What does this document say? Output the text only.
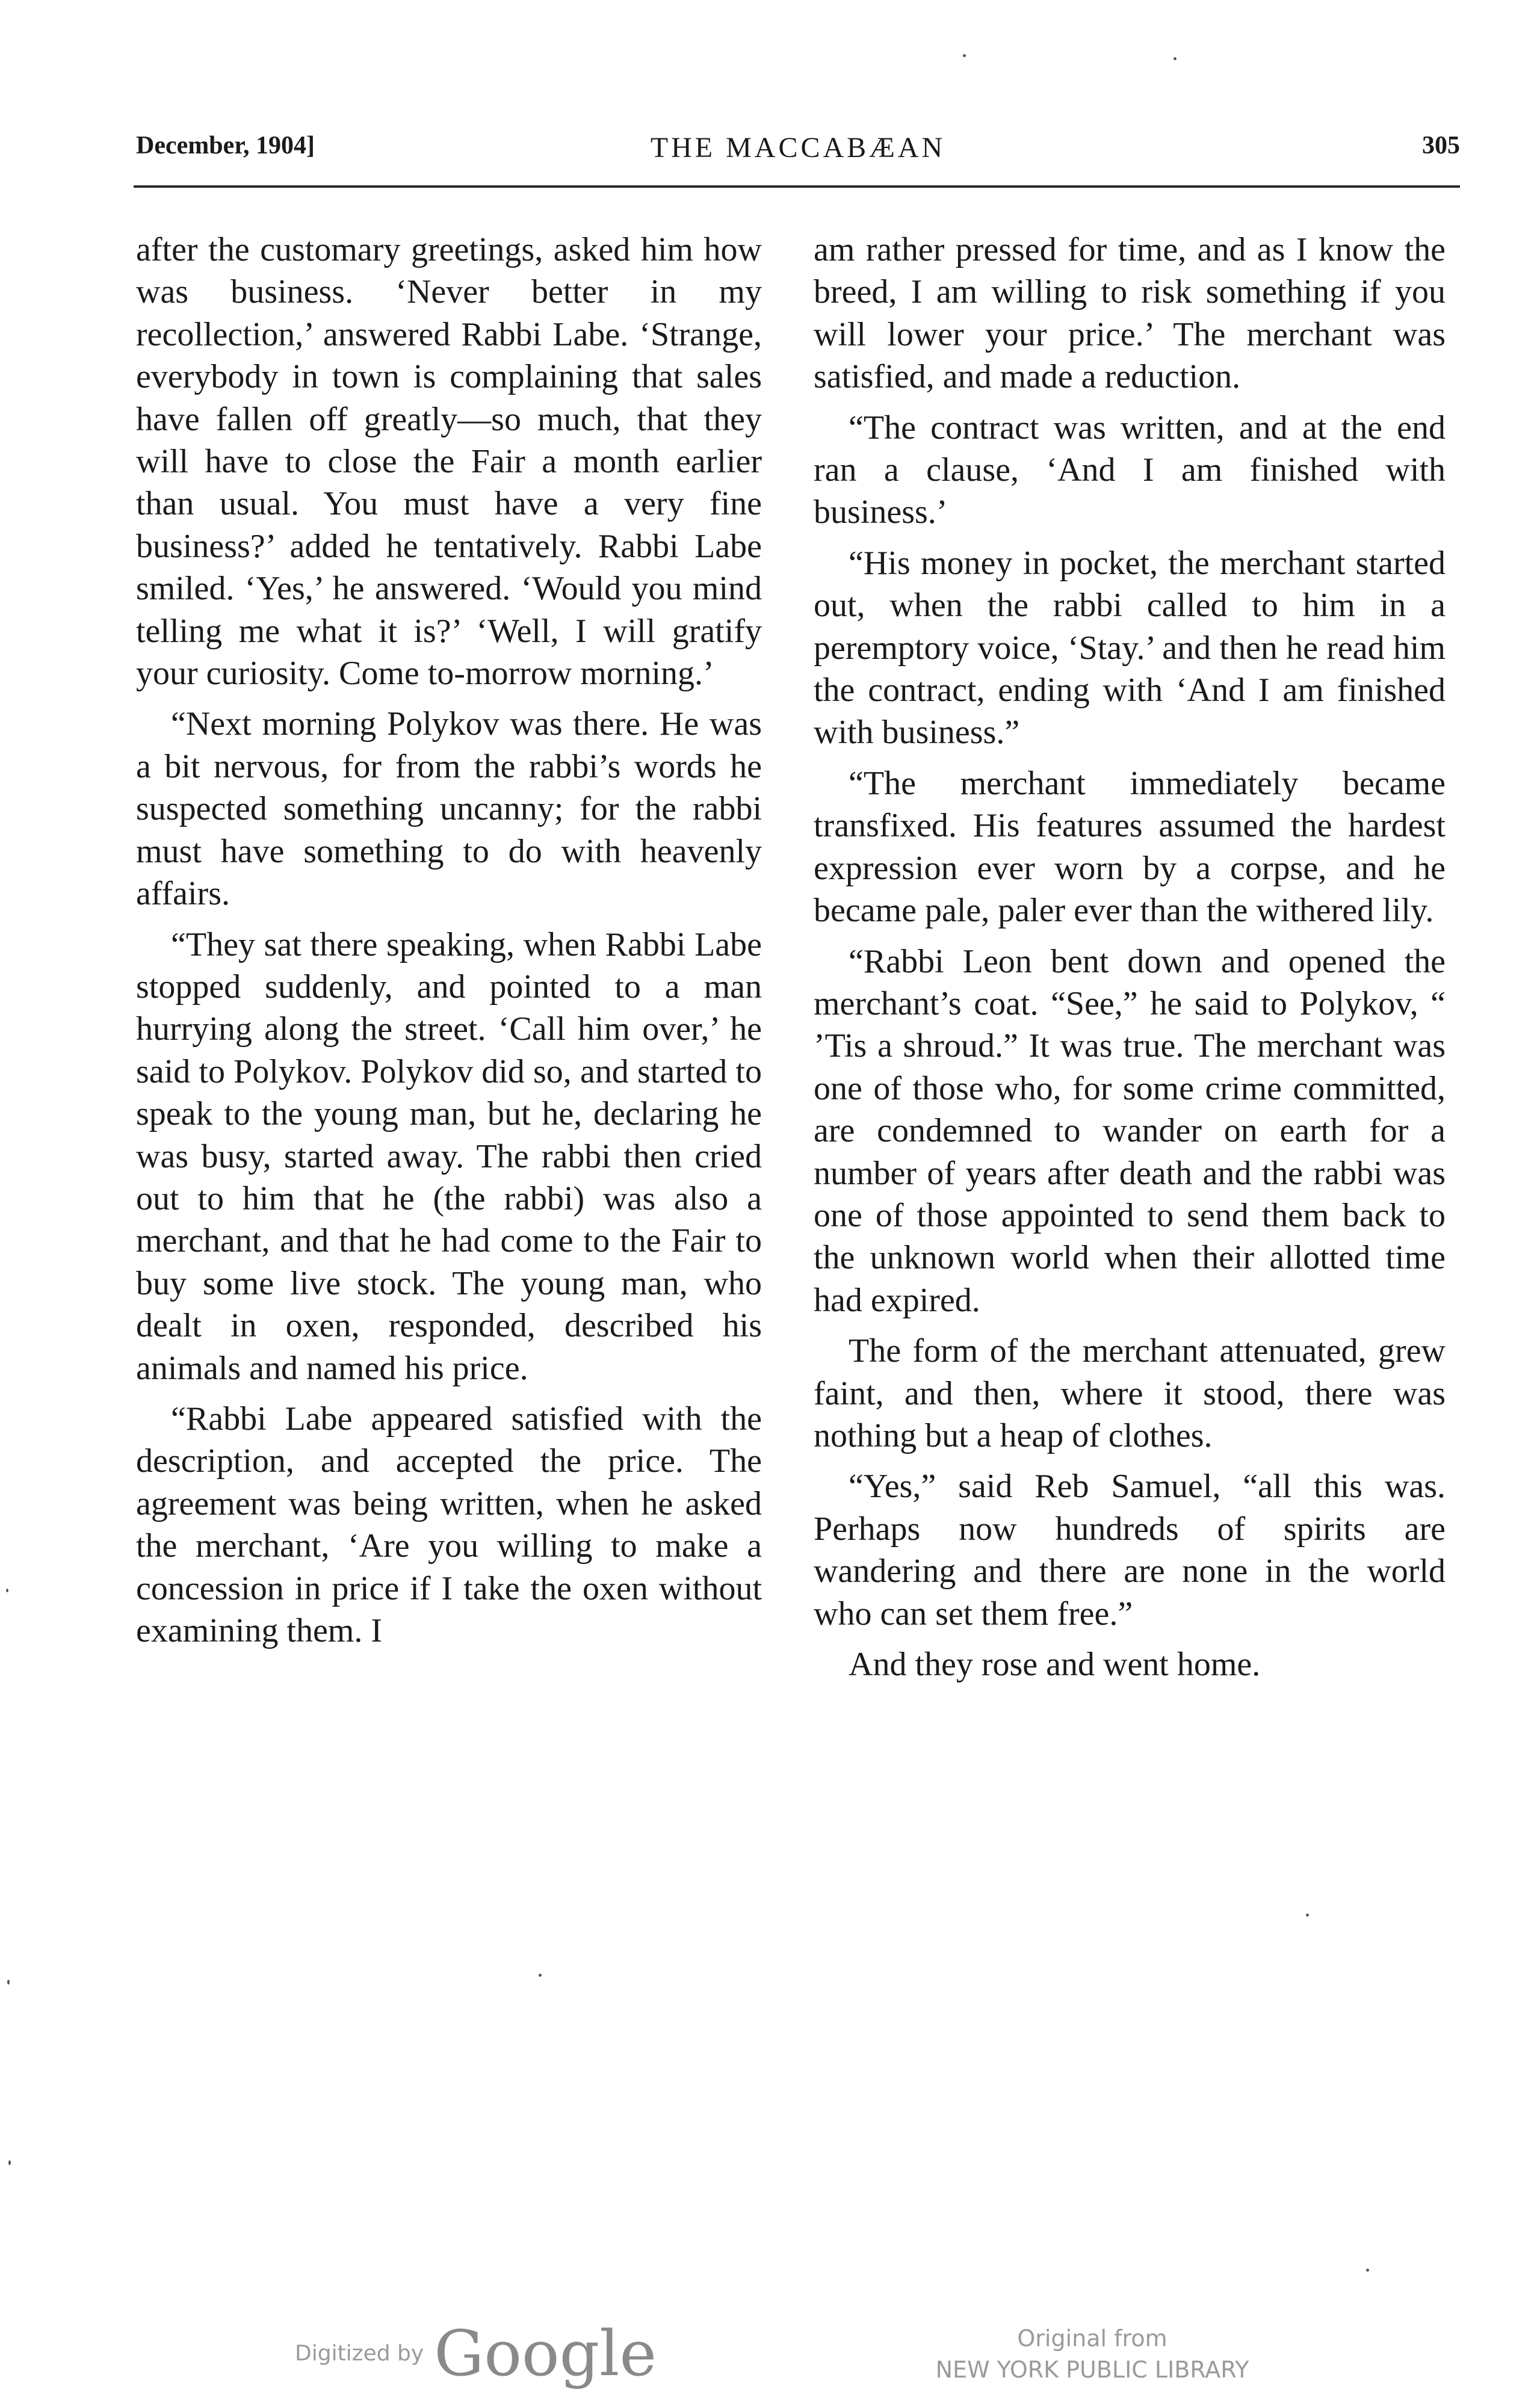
December, 1904]	THE MACCABÆAN	305

after the customary greetings, asked him how was business. ‘Never better in my recollection,’ answered Rabbi Labe. ‘Strange, everybody in town is complaining that sales have fallen off greatly—so much, that they will have to close the Fair a month earlier than usual. You must have a very fine business?’ added he tentatively. Rabbi Labe smiled. ‘Yes,’ he answered. ‘Would you mind telling me what it is?’ ‘Well, I will gratify your curiosity. Come to-morrow morning.’

“Next morning Polykov was there. He was a bit nervous, for from the rabbi’s words he suspected something uncanny; for the rabbi must have something to do with heavenly affairs.

“They sat there speaking, when Rabbi Labe stopped suddenly, and pointed to a man hurrying along the street. ‘Call him over,’ he said to Polykov. Polykov did so, and started to speak to the young man, but he, declaring he was busy, started away. The rabbi then cried out to him that he (the rabbi) was also a merchant, and that he had come to the Fair to buy some live stock. The young man, who dealt in oxen, responded, described his animals and named his price.

“Rabbi Labe appeared satisfied with the description, and accepted the price. The agreement was being written, when he asked the merchant, ‘Are you willing to make a concession in price if I take the oxen without examining them. I

am rather pressed for time, and as I know the breed, I am willing to risk something if you will lower your price.’ The merchant was satisfied, and made a reduction.

“The contract was written, and at the end ran a clause, ‘And I am finished with business.’

“His money in pocket, the merchant started out, when the rabbi called to him in a peremptory voice, ‘Stay.’ and then he read him the contract, ending with ‘And I am finished with business.”

“The merchant immediately became transfixed. His features assumed the hardest expression ever worn by a corpse, and he became pale, paler ever than the withered lily.

“Rabbi Leon bent down and opened the merchant’s coat. “See,” he said to Polykov, “ ’Tis a shroud.” It was true. The merchant was one of those who, for some crime committed, are condemned to wander on earth for a number of years after death and the rabbi was one of those appointed to send them back to the unknown world when their allotted time had expired.

The form of the merchant attenuated, grew faint, and then, where it stood, there was nothing but a heap of clothes.

“Yes,” said Reb Samuel, “all this was. Perhaps now hundreds of spirits are wandering and there are none in the world who can set them free.”

And they rose and went home.

Digitized by Google	Original from
NEW YORK PUBLIC LIBRARY
